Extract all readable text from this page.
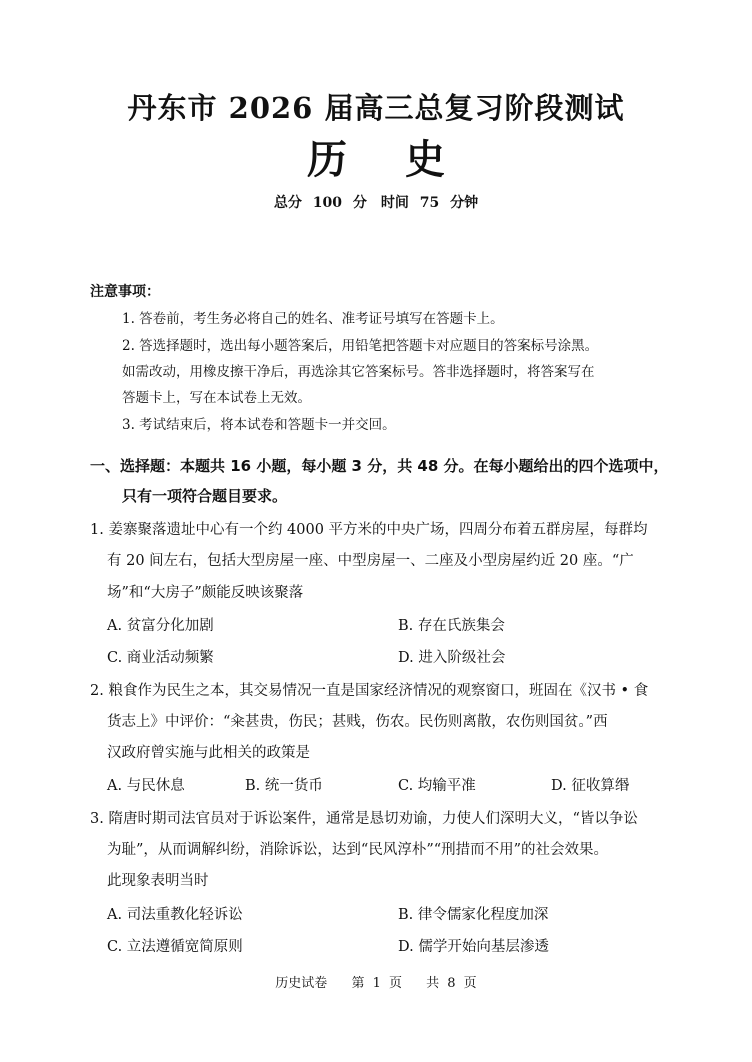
丹东市 2026 届高三总复习阶段测试
历 史
总分 100 分　时间 75 分钟
注意事项：
1. 答卷前，考生务必将自己的姓名、准考证号填写在答题卡上。
2. 答选择题时，选出每小题答案后，用铅笔把答题卡对应题目的答案标号涂黑。
如需改动，用橡皮擦干净后，再选涂其它答案标号。答非选择题时，将答案写在
答题卡上，写在本试卷上无效。
3. 考试结束后，将本试卷和答题卡一并交回。
一、选择题：本题共 16 小题，每小题 3 分，共 48 分。在每小题给出的四个选项中，
只有一项符合题目要求。
1. 姜寨聚落遗址中心有一个约 4000 平方米的中央广场，四周分布着五群房屋，每群均
有 20 间左右，包括大型房屋一座、中型房屋一、二座及小型房屋约近 20 座。“广
场”和“大房子”颇能反映该聚落
A. 贫富分化加剧	B. 存在氏族集会
C. 商业活动频繁	D. 进入阶级社会
2. 粮食作为民生之本，其交易情况一直是国家经济情况的观察窗口，班固在《汉书 • 食
货志上》中评价：“籴甚贵，伤民；甚贱，伤农。民伤则离散，农伤则国贫。”西
汉政府曾实施与此相关的政策是
A. 与民休息	B. 统一货币	C. 均输平准	D. 征收算缗
3. 隋唐时期司法官员对于诉讼案件，通常是恳切劝谕，力使人们深明大义，“皆以争讼
为耻”，从而调解纠纷，消除诉讼，达到“民风淳朴”“刑措而不用”的社会效果。
此现象表明当时
A. 司法重教化轻诉讼	B. 律令儒家化程度加深
C. 立法遵循宽简原则	D. 儒学开始向基层渗透
历史试卷 第 1 页 共 8 页
